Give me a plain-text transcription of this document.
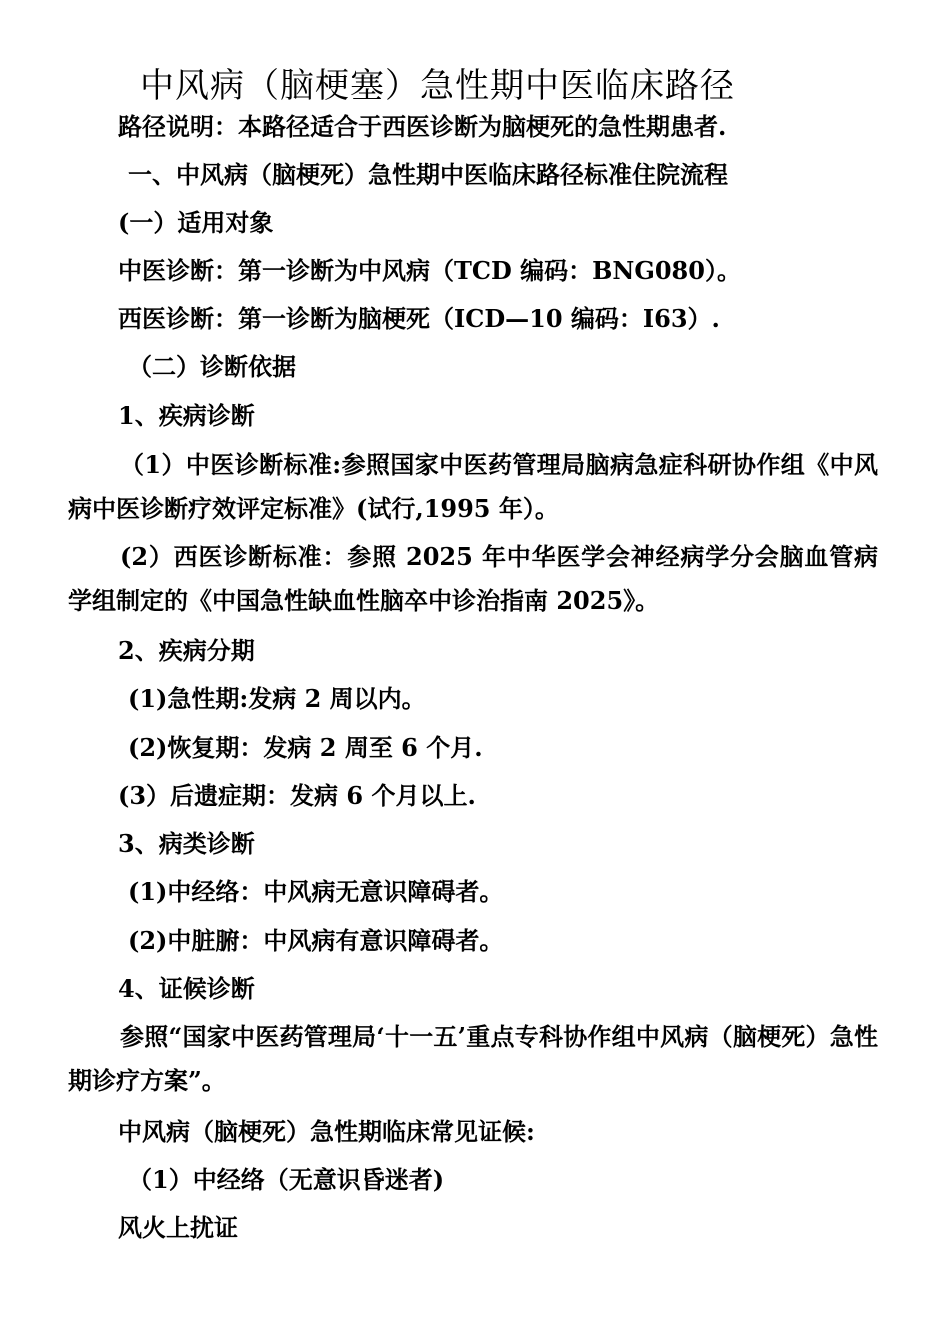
中风病（脑梗塞）急性期中医临床路径

路径说明：本路径适合于西医诊断为脑梗死的急性期患者.

一、中风病（脑梗死）急性期中医临床路径标准住院流程

(一）适用对象

中医诊断：第一诊断为中风病（TCD 编码：BNG080）。

西医诊断：第一诊断为脑梗死（ICD—10 编码：I63）.

（二）诊断依据

1、疾病诊断

（1）中医诊断标准:参照国家中医药管理局脑病急症科研协作组《中风病中医诊断疗效评定标准》(试行,1995 年）。

(2）西医诊断标准：参照 2025 年中华医学会神经病学分会脑血管病学组制定的《中国急性缺血性脑卒中诊治指南 2025》。

2、疾病分期

(1)急性期:发病 2 周以内。

(2)恢复期：发病 2 周至 6 个月.

(3）后遗症期：发病 6 个月以上.

3、病类诊断

(1)中经络：中风病无意识障碍者。

(2)中脏腑：中风病有意识障碍者。

4、证候诊断

参照“国家中医药管理局‘十一五’重点专科协作组中风病（脑梗死）急性期诊疗方案”。

中风病（脑梗死）急性期临床常见证候:

（1）中经络（无意识昏迷者)

风火上扰证
